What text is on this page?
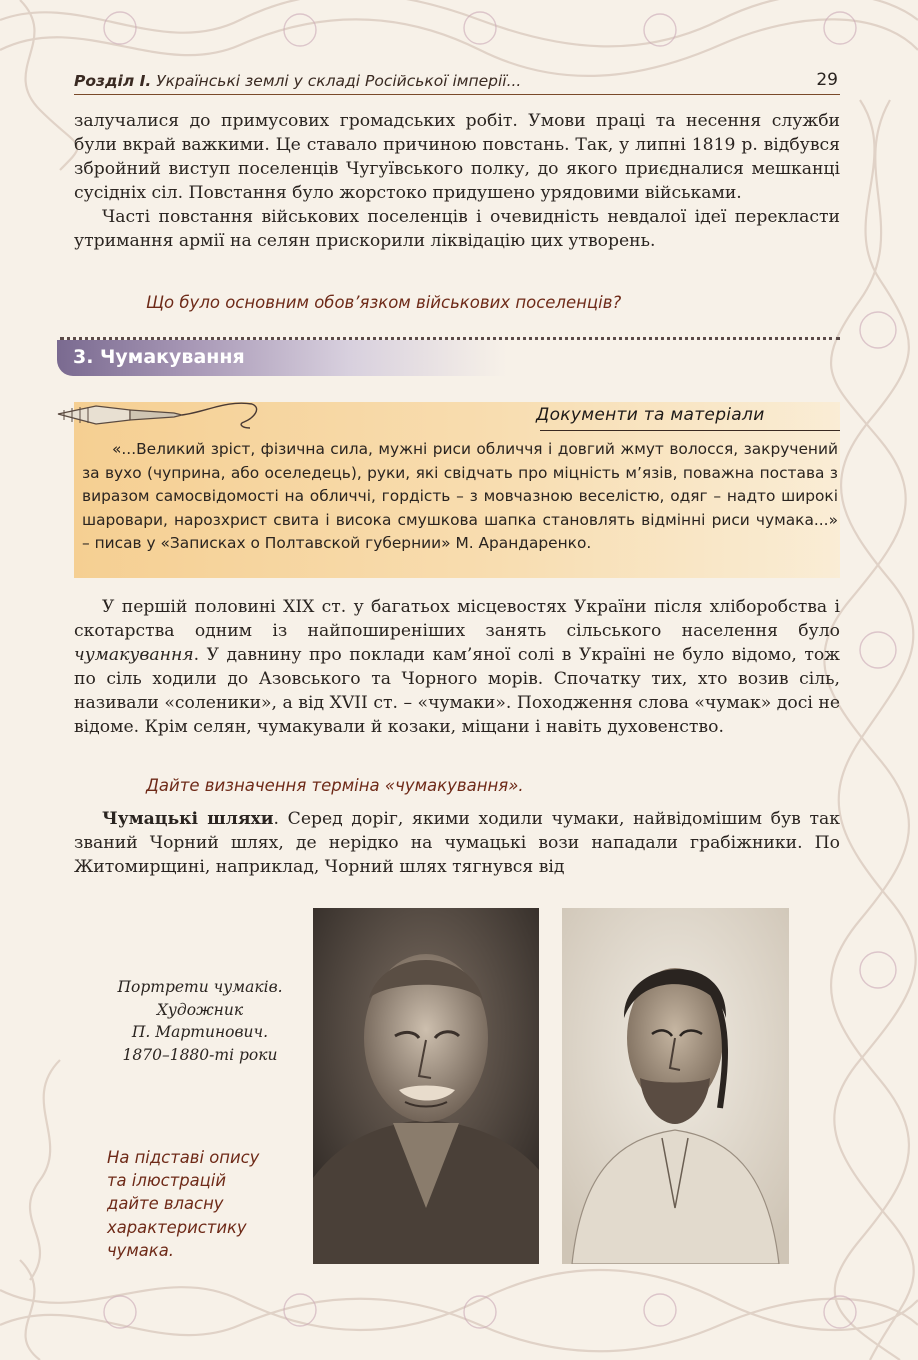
Розділ І. Українські землі у складі Російської імперії...	29

залучалися до примусових громадських робіт. Умови праці та несення служби були вкрай важкими. Це ставало причиною повстань. Так, у липні 1819 р. відбувся збройний виступ поселенців Чугуївського полку, до якого приєдналися мешканці сусідніх сіл. Повстання було жорстоко придушено урядовими військами.

Часті повстання військових поселенців і очевидність невдалої ідеї перекласти утримання армії на селян прискорили ліквідацію цих утворень.

Що було основним обов’язком військових поселенців?
3. Чумакування
Документи та матеріали

«...Великий зріст, фізична сила, мужні риси обличчя і довгий жмут волосся, закручений за вухо (чуприна, або оселедець), руки, які свідчать про міцність м’язів, поважна постава з виразом самосвідомості на обличчі, гордість – з мовчазною веселістю, одяг – надто широкі шаровари, нарозхрист свита і висока смушкова шапка становлять відмінні риси чумака...» – писав у «Записках о Полтавской губернии» М. Арандаренко.

У першій половині XIX ст. у багатьох місцевостях України після хліборобства і скотарства одним із найпоширеніших занять сільського населення було чумакування. У давнину про поклади кам’яної солі в Україні не було відомо, тож по сіль ходили до Азовського та Чорного морів. Спочатку тих, хто возив сіль, називали «соленики», а від XVII ст. – «чумаки». Походження слова «чумак» досі не відоме. Крім селян, чумакували й козаки, міщани і навіть духовенство.

Дайте визначення терміна «чумакування».

Чумацькі шляхи. Серед доріг, якими ходили чумаки, найвідомішим був так званий Чорний шлях, де нерідко на чумацькі вози нападали грабіжники. По Житомирщині, наприклад, Чорний шлях тягнувся від

Портрети чумаків.
Художник
П. Мартинович.
1870–1880-ті роки
На підставі опису
та ілюстрацій
дайте власну
характеристику
чумака.
